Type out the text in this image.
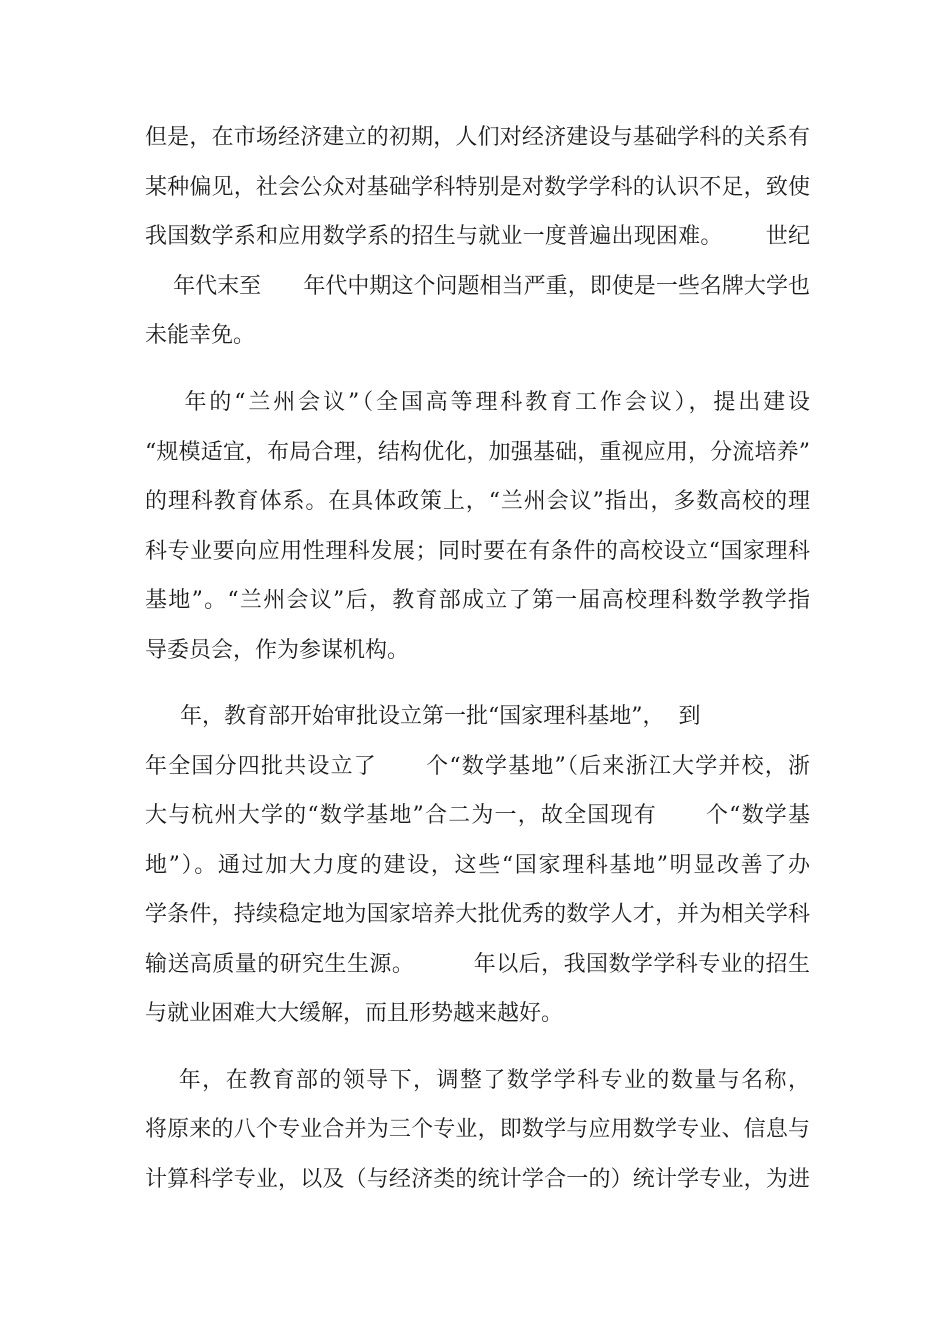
但是，在市场经济建立的初期，人们对经济建设与基础学科的关系有
某种偏见，社会公众对基础学科特别是对数学学科的认识不足，致使
我国数学系和应用数学系的招生与就业一度普遍出现困难。      世纪
年代末至      年代中期这个问题相当严重，即使是一些名牌大学也
未能幸免。
年的“兰州会议”（全国高等理科教育工作会议），提出建设
“规模适宜，布局合理，结构优化，加强基础，重视应用，分流培养”
的理科教育体系。在具体政策上，“兰州会议”指出，多数高校的理
科专业要向应用性理科发展；同时要在有条件的高校设立“国家理科
基地”。“兰州会议”后，教育部成立了第一届高校理科数学教学指
导委员会，作为参谋机构。
年，教育部开始审批设立第一批“国家理科基地”，  到
年全国分四批共设立了      个“数学基地”（后来浙江大学并校，浙
大与杭州大学的“数学基地”合二为一，故全国现有      个“数学基
地”）。通过加大力度的建设，这些“国家理科基地”明显改善了办
学条件，持续稳定地为国家培养大批优秀的数学人才，并为相关学科
输送高质量的研究生生源。        年以后，我国数学学科专业的招生
与就业困难大大缓解，而且形势越来越好。
年，在教育部的领导下，调整了数学学科专业的数量与名称，
将原来的八个专业合并为三个专业，即数学与应用数学专业、信息与
计算科学专业，以及（与经济类的统计学合一的）统计学专业，为进
